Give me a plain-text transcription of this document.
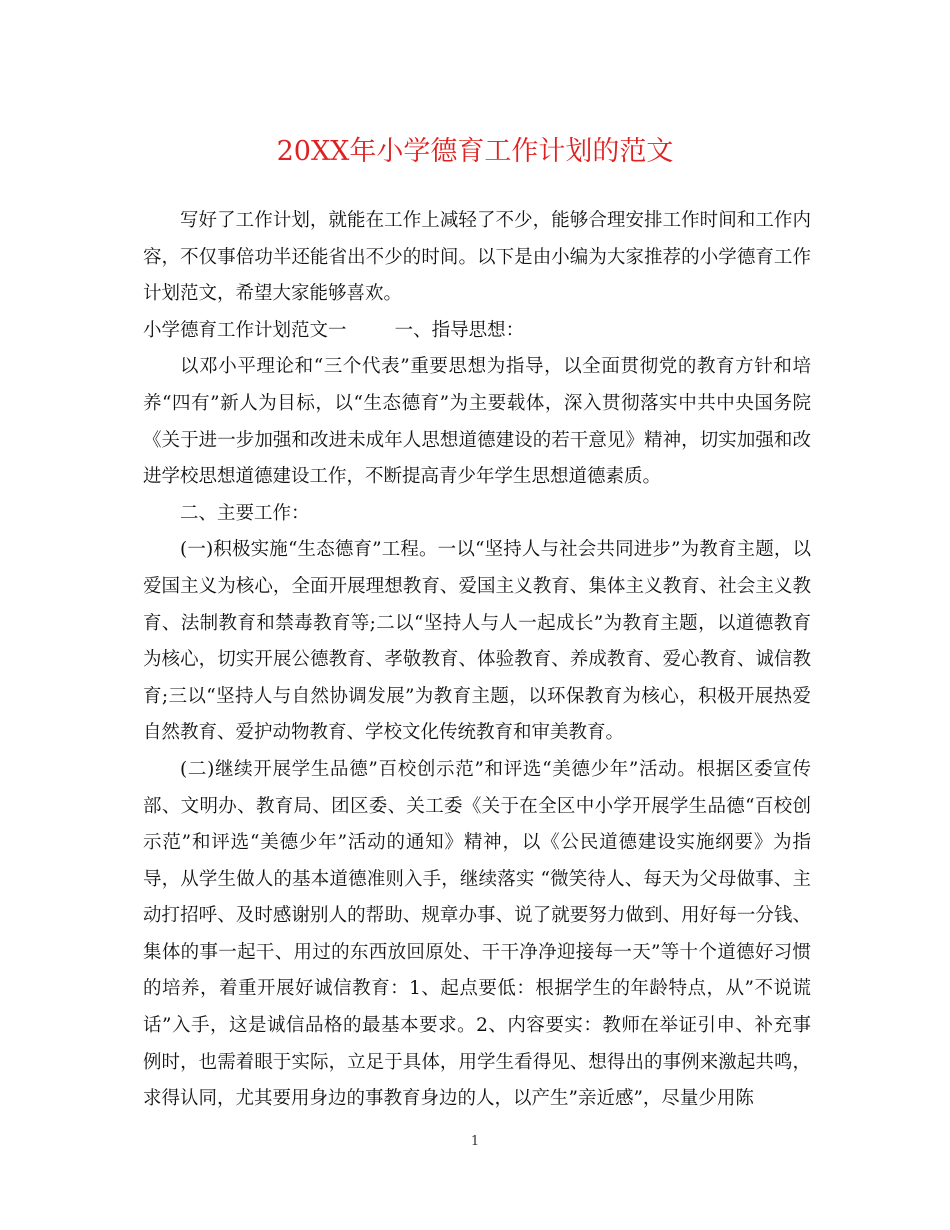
20XX年小学德育工作计划的范文

写好了工作计划，就能在工作上减轻了不少，能够合理安排工作时间和工作内容，不仅事倍功半还能省出不少的时间。以下是由小编为大家推荐的小学德育工作计划范文，希望大家能够喜欢。

小学德育工作计划范文一	一、指导思想：

以邓小平理论和“三个代表”重要思想为指导，以全面贯彻党的教育方针和培养“四有”新人为目标，以“生态德育”为主要载体，深入贯彻落实中共中央国务院《关于进一步加强和改进未成年人思想道德建设的若干意见》精神，切实加强和改进学校思想道德建设工作，不断提高青少年学生思想道德素质。

二、主要工作：

(一)积极实施“生态德育”工程。一以“坚持人与社会共同进步”为教育主题，以爱国主义为核心，全面开展理想教育、爱国主义教育、集体主义教育、社会主义教育、法制教育和禁毒教育等;二以“坚持人与人一起成长”为教育主题，以道德教育为核心，切实开展公德教育、孝敬教育、体验教育、养成教育、爱心教育、诚信教育;三以“坚持人与自然协调发展”为教育主题，以环保教育为核心，积极开展热爱自然教育、爱护动物教育、学校文化传统教育和审美教育。

(二)继续开展学生品德”百校创示范”和评选“美德少年”活动。根据区委宣传部、文明办、教育局、团区委、关工委《关于在全区中小学开展学生品德“百校创示范”和评选“美德少年”活动的通知》精神，以《公民道德建设实施纲要》为指导，从学生做人的基本道德准则入手，继续落实 “微笑待人、每天为父母做事、主动打招呼、及时感谢别人的帮助、规章办事、说了就要努力做到、用好每一分钱、集体的事一起干、用过的东西放回原处、干干净净迎接每一天”等十个道德好习惯的培养，着重开展好诚信教育：1、起点要低：根据学生的年龄特点，从”不说谎话”入手，这是诚信品格的最基本要求。2、内容要实：教师在举证引申、补充事例时，也需着眼于实际，立足于具体，用学生看得见、想得出的事例来激起共鸣，求得认同，尤其要用身边的事教育身边的人，以产生”亲近感”，尽量少用陈

1
